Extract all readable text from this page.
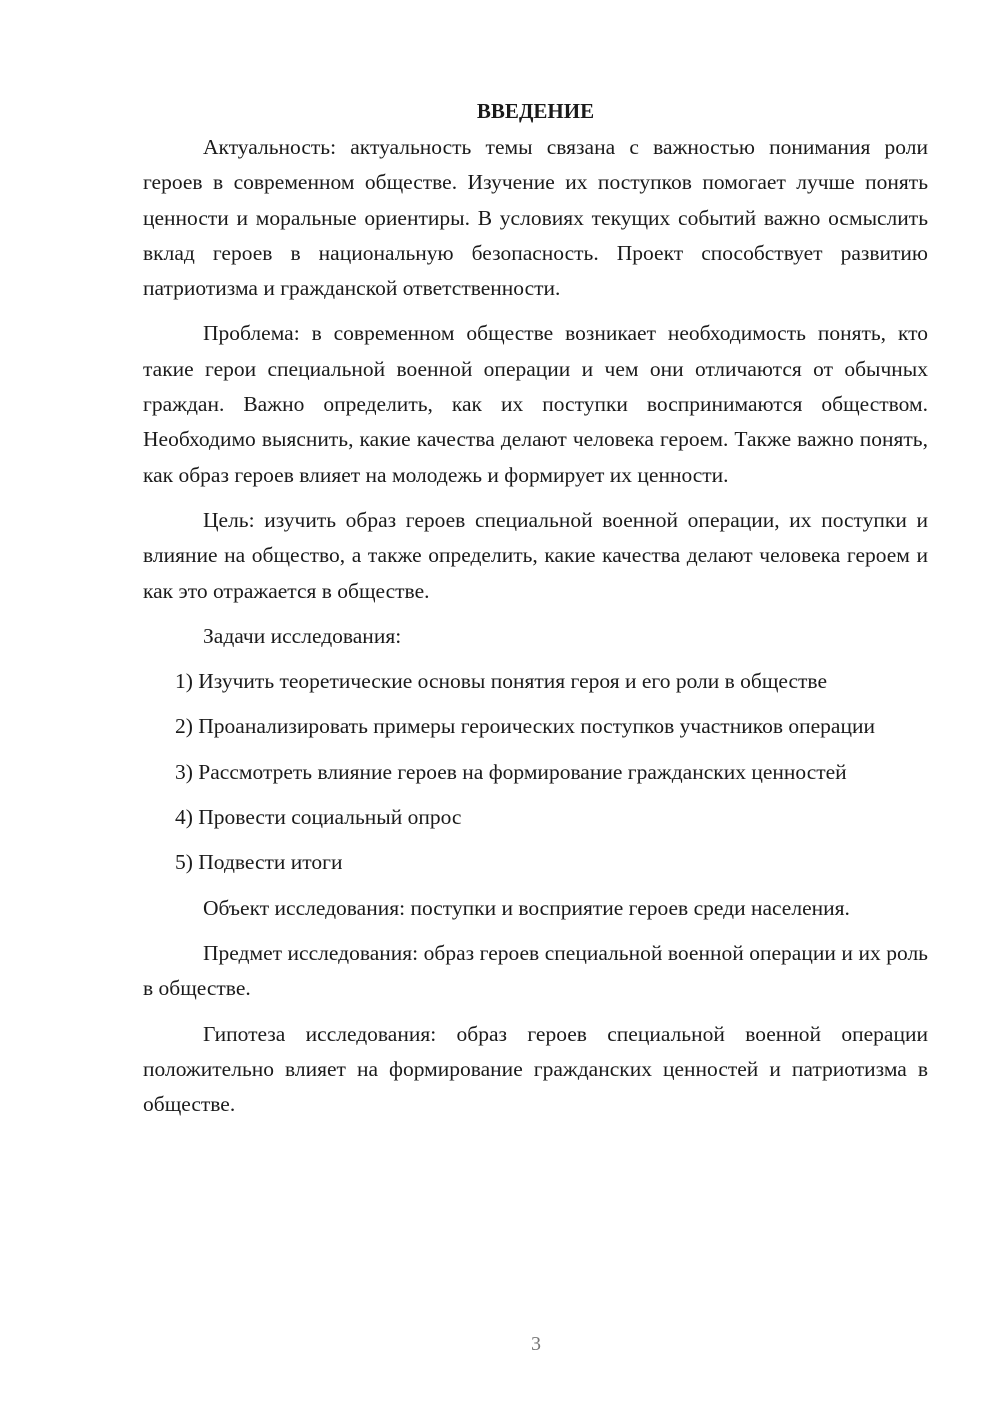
ВВЕДЕНИЕ

Актуальность: актуальность темы связана с важностью понимания роли героев в современном обществе. Изучение их поступков помогает лучше понять ценности и моральные ориентиры. В условиях текущих событий важно осмыслить вклад героев в национальную безопасность. Проект способствует развитию патриотизма и гражданской ответственности.

Проблема: в современном обществе возникает необходимость понять, кто такие герои специальной военной операции и чем они отличаются от обычных граждан. Важно определить, как их поступки воспринимаются обществом. Необходимо выяснить, какие качества делают человека героем. Также важно понять, как образ героев влияет на молодежь и формирует их ценности.

Цель: изучить образ героев специальной военной операции, их поступки и влияние на общество, а также определить, какие качества делают человека героем и как это отражается в обществе.

Задачи исследования:

1) Изучить теоретические основы понятия героя и его роли в обществе

2) Проанализировать примеры героических поступков участников операции

3) Рассмотреть влияние героев на формирование гражданских ценностей

4) Провести социальный опрос

5) Подвести итоги

Объект исследования: поступки и восприятие героев среди населения.

Предмет исследования: образ героев специальной военной операции и их роль в обществе.

Гипотеза исследования: образ героев специальной военной операции положительно влияет на формирование гражданских ценностей и патриотизма в обществе.

3
